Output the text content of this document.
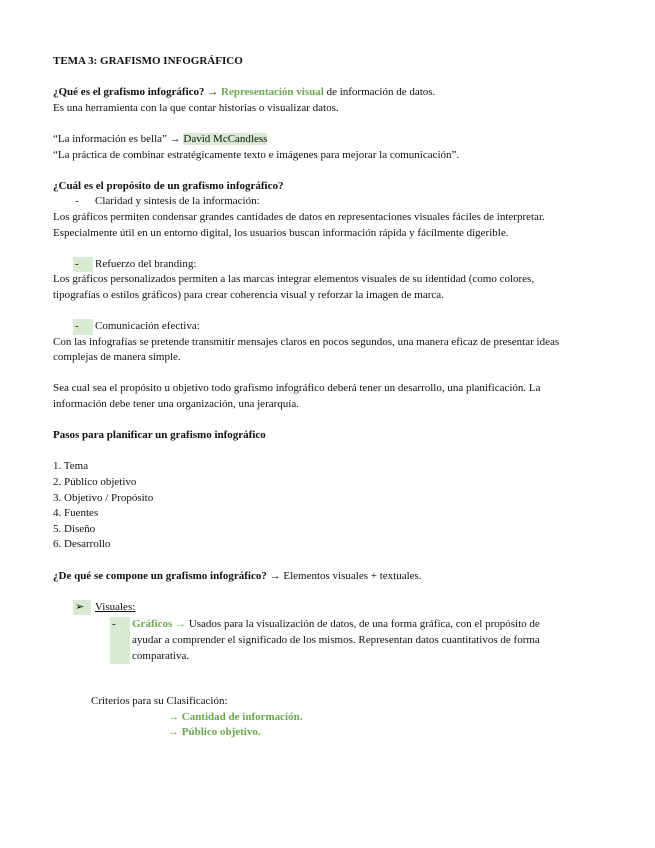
TEMA 3: GRAFISMO INFOGRÁFICO

¿Qué es el grafismo infográfico? → Representación visual de información de datos.

Es una herramienta con la que contar historias o visualizar datos.

“La información es bella” → David McCandless

“La práctica de combinar estratégicamente texto e imágenes para mejorar la comunicación”.

¿Cuál es el propósito de un grafismo infográfico?

-	Claridad y síntesis de la información:

Los gráficos permiten condensar grandes cantidades de datos en representaciones visuales fáciles de interpretar. Especialmente útil en un entorno digital, los usuarios buscan información rápida y fácilmente digerible.

-	Refuerzo del branding:

Los gráficos personalizados permiten a las marcas integrar elementos visuales de su identidad (como colores, tipografías o estilos gráficos) para crear coherencia visual y reforzar la imagen de marca.

-	Comunicación efectiva:

Con las infografías se pretende transmitir mensajes claros en pocos segundos, una manera eficaz de presentar ideas complejas de manera simple.

Sea cual sea el propósito u objetivo todo grafismo infográfico deberá tener un desarrollo, una planificación. La información debe tener una organización, una jerarquía.

Pasos para planificar un grafismo infográfico

1. Tema

2. Público objetivo

3. Objetivo / Propósito

4. Fuentes

5. Diseño

6. Desarrollo

¿De qué se compone un grafismo infográfico? → Elementos visuales + textuales.

➢ Visuales:
-	Gráficos → Usados para la visualización de datos, de una forma gráfica, con el propósito de ayudar a comprender el significado de los mismos. Representan datos cuantitativos de forma comparativa.

Criterios para su Clasificación:

→ Cantidad de información.

→ Público objetivo.
